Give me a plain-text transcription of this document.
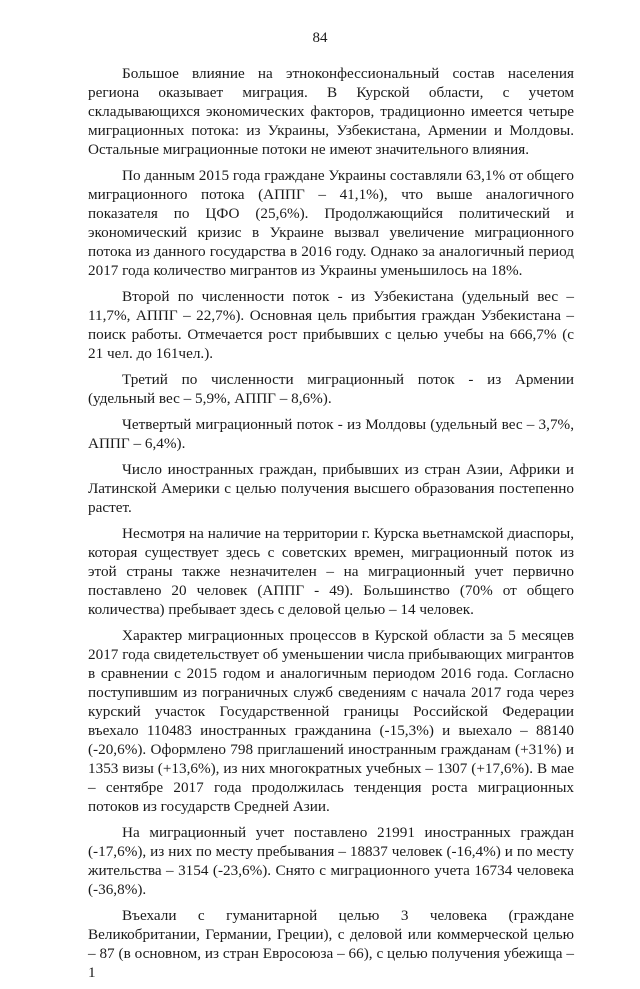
84

Большое влияние на этноконфессиональный состав населения региона оказывает миграция. В Курской области, с учетом складывающихся экономических факторов, традиционно имеется четыре миграционных потока: из Украины, Узбекистана, Армении и Молдовы. Остальные миграционные потоки не имеют значительного влияния.

По данным 2015 года граждане Украины составляли 63,1% от общего миграционного потока (АППГ – 41,1%), что выше аналогичного показателя по ЦФО (25,6%). Продолжающийся политический и экономический кризис в Украине вызвал увеличение миграционного потока из данного государства в 2016 году. Однако за аналогичный период 2017 года количество мигрантов из Украины уменьшилось на 18%.

Второй по численности поток - из Узбекистана (удельный вес – 11,7%, АППГ – 22,7%). Основная цель прибытия граждан Узбекистана – поиск работы. Отмечается рост прибывших с целью учебы на 666,7% (с 21 чел. до 161чел.).

Третий по численности миграционный поток - из Армении (удельный вес – 5,9%, АППГ – 8,6%).

Четвертый миграционный поток - из Молдовы (удельный вес – 3,7%, АППГ – 6,4%).

Число иностранных граждан, прибывших из стран Азии, Африки и Латинской Америки с целью получения высшего образования постепенно растет.

Несмотря на наличие на территории г. Курска вьетнамской диаспоры, которая существует здесь с советских времен, миграционный поток из этой страны также незначителен – на миграционный учет первично поставлено 20 человек (АППГ - 49). Большинство (70% от общего количества) пребывает здесь с деловой целью – 14 человек.

Характер миграционных процессов в Курской области за 5 месяцев 2017 года свидетельствует об уменьшении числа прибывающих мигрантов в сравнении с 2015 годом и аналогичным периодом 2016 года. Согласно поступившим из пограничных служб сведениям с начала 2017 года через курский участок Государственной границы Российской Федерации въехало 110483 иностранных гражданина (-15,3%) и выехало – 88140 (-20,6%). Оформлено 798 приглашений иностранным гражданам (+31%) и 1353 визы (+13,6%), из них многократных учебных – 1307 (+17,6%). В мае – сентябре 2017 года продолжилась тенденция роста миграционных потоков из государств Средней Азии.

На миграционный учет поставлено 21991 иностранных граждан (-17,6%), из них по месту пребывания – 18837 человек (-16,4%) и по месту жительства – 3154 (-23,6%). Снято с миграционного учета 16734 человека (-36,8%).

Въехали с гуманитарной целью 3 человека (граждане Великобритании, Германии, Греции), с деловой или коммерческой целью – 87 (в основном, из стран Евросоюза – 66), с целью получения убежища – 1
